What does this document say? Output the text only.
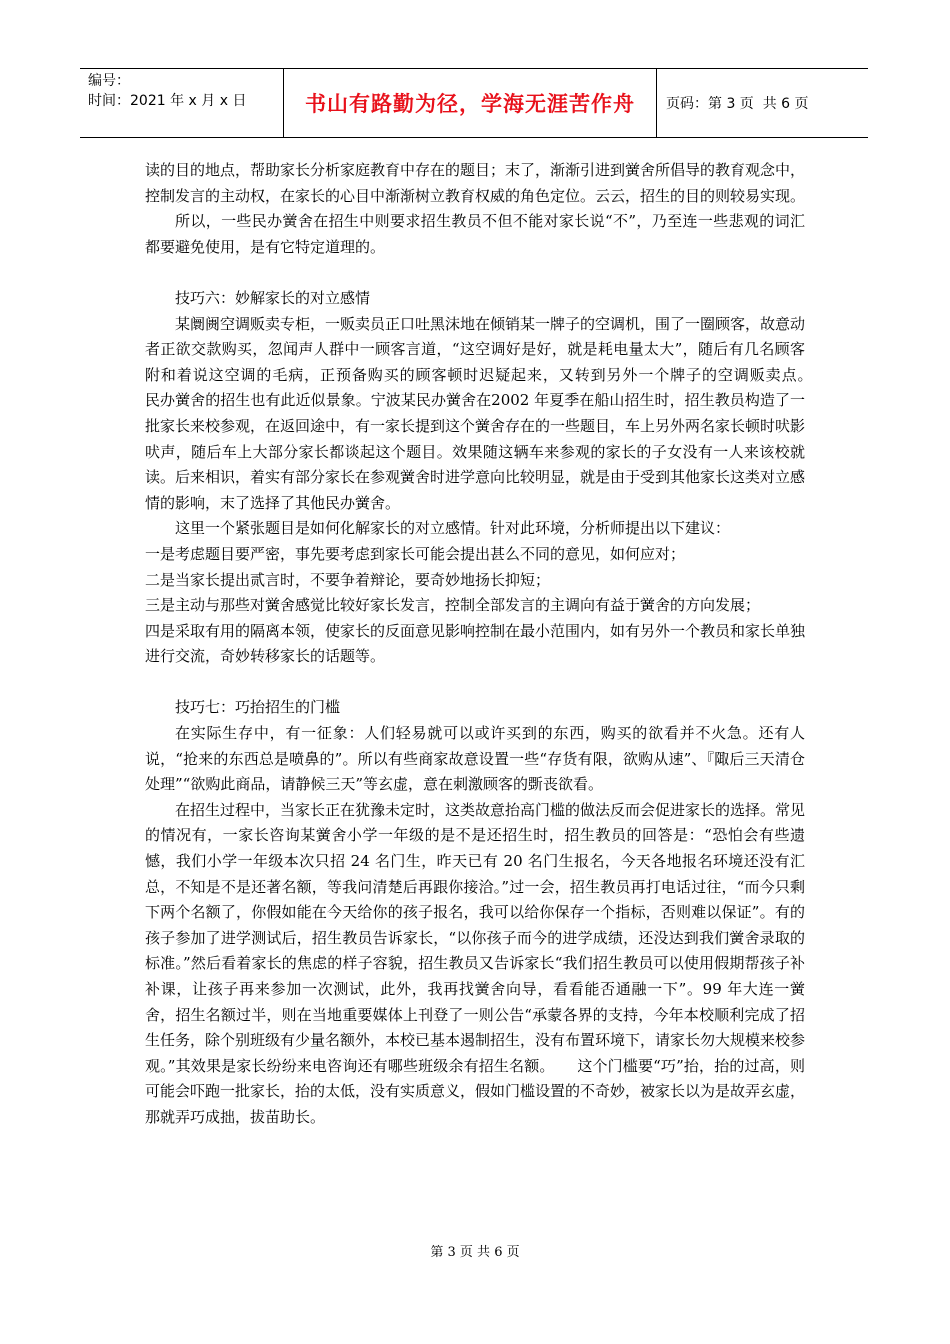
编号：
时间：2021 年 x 月 x 日	书山有路勤为径，学海无涯苦作舟 页码：第 3 页  共 6 页

读的目的地点，帮助家长分析家庭教育中存在的题目；末了，渐渐引进到黉舍所倡导的教育观念中，控制发言的主动权，在家长的心目中渐渐树立教育权威的角色定位。云云，招生的目的则较易实现。

所以，一些民办黉舍在招生中则要求招生教员不但不能对家长说“不”，乃至连一些悲观的词汇都要避免使用，是有它特定道理的。

技巧六：妙解家长的对立感情

某阛阓空调贩卖专柜，一贩卖员正口吐黑沫地在倾销某一牌子的空调机，围了一圈顾客，故意动者正欲交款购买，忽闻声人群中一顾客言道，“这空调好是好，就是耗电量太大”，随后有几名顾客附和着说这空调的毛病，正预备购买的顾客顿时迟疑起来，又转到另外一个牌子的空调贩卖点。　　民办黉舍的招生也有此近似景象。宁波某民办黉舍在2002 年夏季在船山招生时，招生教员构造了一批家长来校参观，在返回途中，有一家长提到这个黉舍存在的一些题目，车上另外两名家长顿时吠影吠声，随后车上大部分家长都谈起这个题目。效果随这辆车来参观的家长的子女没有一人来该校就读。后来相识，着实有部分家长在参观黉舍时进学意向比较明显，就是由于受到其他家长这类对立感情的影响，末了选择了其他民办黉舍。

这里一个紧张题目是如何化解家长的对立感情。针对此环境，分析师提出以下建议：

一是考虑题目要严密，事先要考虑到家长可能会提出甚么不同的意见，如何应对；

二是当家长提出贰言时，不要争着辩论，要奇妙地扬长抑短；

三是主动与那些对黉舍感觉比较好家长发言，控制全部发言的主调向有益于黉舍的方向发展；

四是采取有用的隔离本领，使家长的反面意见影响控制在最小范围内，如有另外一个教员和家长单独进行交流，奇妙转移家长的话题等。

技巧七：巧抬招生的门槛

在实际生存中，有一征象：人们轻易就可以或许买到的东西，购买的欲看并不火急。还有人说，“抢来的东西总是喷鼻的”。所以有些商家故意设置一些“存货有限，欲购从速”、『陬后三天清仓处理”“欲购此商品，请静候三天”等玄虚，意在刺激顾客的斲丧欲看。

在招生过程中，当家长正在犹豫未定时，这类故意抬高门槛的做法反而会促进家长的选择。常见的情况有，一家长咨询某黉舍小学一年级的是不是还招生时，招生教员的回答是：“恐怕会有些遗憾，我们小学一年级本次只招 24 名门生，昨天已有 20 名门生报名，今天各地报名环境还没有汇总，不知是不是还著名额，等我问清楚后再跟你接洽。”过一会，招生教员再打电话过往，“而今只剩下两个名额了，你假如能在今天给你的孩子报名，我可以给你保存一个指标，否则难以保证”。有的孩子参加了进学测试后，招生教员告诉家长，“以你孩子而今的进学成绩，还没达到我们黉舍录取的标准。”然后看着家长的焦虑的样子容貌，招生教员又告诉家长“我们招生教员可以使用假期帮孩子补补课，让孩子再来参加一次测试，此外，我再找黉舍向导，看看能否通融一下”。99 年大连一黉舍，招生名额过半，则在当地重要媒体上刊登了一则公告“承蒙各界的支持，今年本校顺利完成了招生任务，除个别班级有少量名额外，本校已基本遏制招生，没有布置环境下，请家长勿大规模来校参观。”其效果是家长纷纷来电咨询还有哪些班级余有招生名额。　　这个门槛要“巧”抬，抬的过高，则可能会吓跑一批家长，抬的太低，没有实质意义，假如门槛设置的不奇妙，被家长以为是故弄玄虚，那就弄巧成拙，拔苗助长。

第 3 页 共 6 页
